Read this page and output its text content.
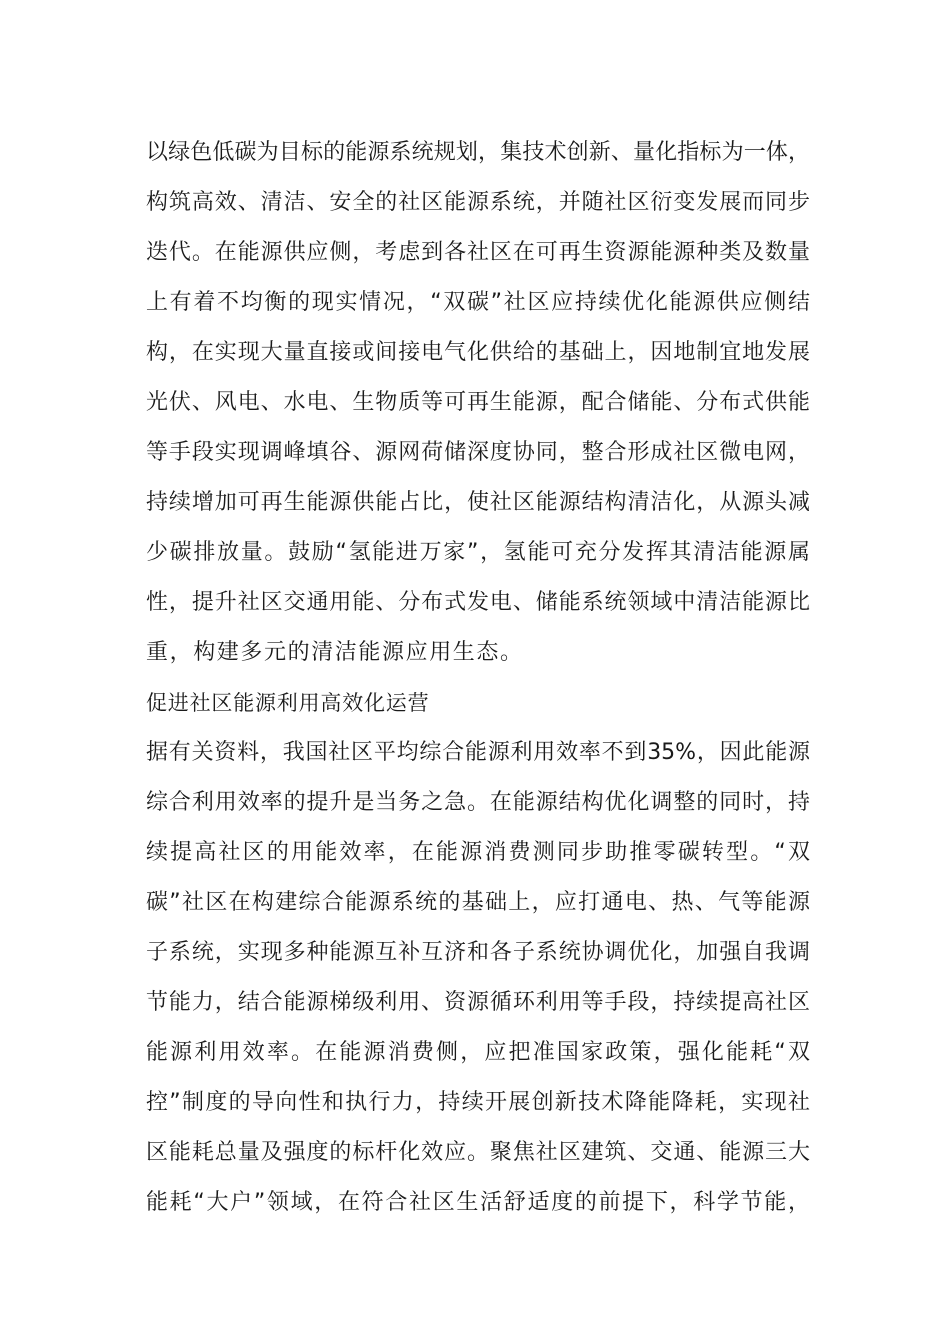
以绿色低碳为目标的能源系统规划，集技术创新、量化指标为一体，
构筑高效、清洁、安全的社区能源系统，并随社区衍变发展而同步
迭代。在能源供应侧，考虑到各社区在可再生资源能源种类及数量
上有着不均衡的现实情况，“双碳”社区应持续优化能源供应侧结
构，在实现大量直接或间接电气化供给的基础上，因地制宜地发展
光伏、风电、水电、生物质等可再生能源，配合储能、分布式供能
等手段实现调峰填谷、源网荷储深度协同，整合形成社区微电网，
持续增加可再生能源供能占比，使社区能源结构清洁化，从源头减
少碳排放量。鼓励“氢能进万家”，氢能可充分发挥其清洁能源属
性，提升社区交通用能、分布式发电、储能系统领域中清洁能源比
重，构建多元的清洁能源应用生态。
促进社区能源利用高效化运营
据有关资料，我国社区平均综合能源利用效率不到35%，因此能源
综合利用效率的提升是当务之急。在能源结构优化调整的同时，持
续提高社区的用能效率，在能源消费测同步助推零碳转型。“双
碳”社区在构建综合能源系统的基础上，应打通电、热、气等能源
子系统，实现多种能源互补互济和各子系统协调优化，加强自我调
节能力，结合能源梯级利用、资源循环利用等手段，持续提高社区
能源利用效率。在能源消费侧，应把准国家政策，强化能耗“双
控”制度的导向性和执行力，持续开展创新技术降能降耗，实现社
区能耗总量及强度的标杆化效应。聚焦社区建筑、交通、能源三大
能耗“大户”领域，在符合社区生活舒适度的前提下，科学节能，
